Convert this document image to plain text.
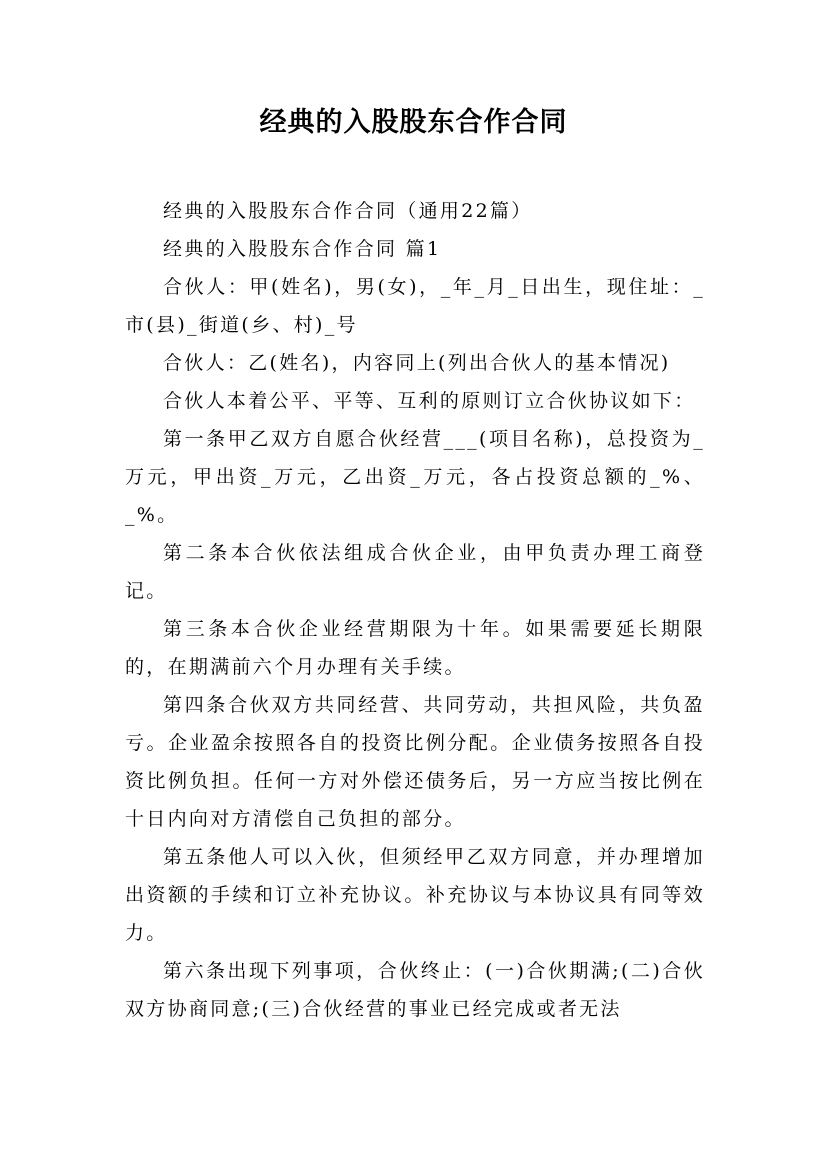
经典的入股股东合作合同

经典的入股股东合作合同（通用22篇）

经典的入股股东合作合同 篇1

合伙人：甲(姓名)，男(女)，_年_月_日出生，现住址：_市(县)_街道(乡、村)_号

合伙人：乙(姓名)，内容同上(列出合伙人的基本情况)

合伙人本着公平、平等、互利的原则订立合伙协议如下：

第一条甲乙双方自愿合伙经营___(项目名称)，总投资为_万元，甲出资_万元，乙出资_万元，各占投资总额的_%、_%。

第二条本合伙依法组成合伙企业，由甲负责办理工商登记。

第三条本合伙企业经营期限为十年。如果需要延长期限的，在期满前六个月办理有关手续。

第四条合伙双方共同经营、共同劳动，共担风险，共负盈亏。企业盈余按照各自的投资比例分配。企业债务按照各自投资比例负担。任何一方对外偿还债务后，另一方应当按比例在十日内向对方清偿自己负担的部分。

第五条他人可以入伙，但须经甲乙双方同意，并办理增加出资额的手续和订立补充协议。补充协议与本协议具有同等效力。

第六条出现下列事项，合伙终止：(一)合伙期满;(二)合伙双方协商同意;(三)合伙经营的事业已经完成或者无法
